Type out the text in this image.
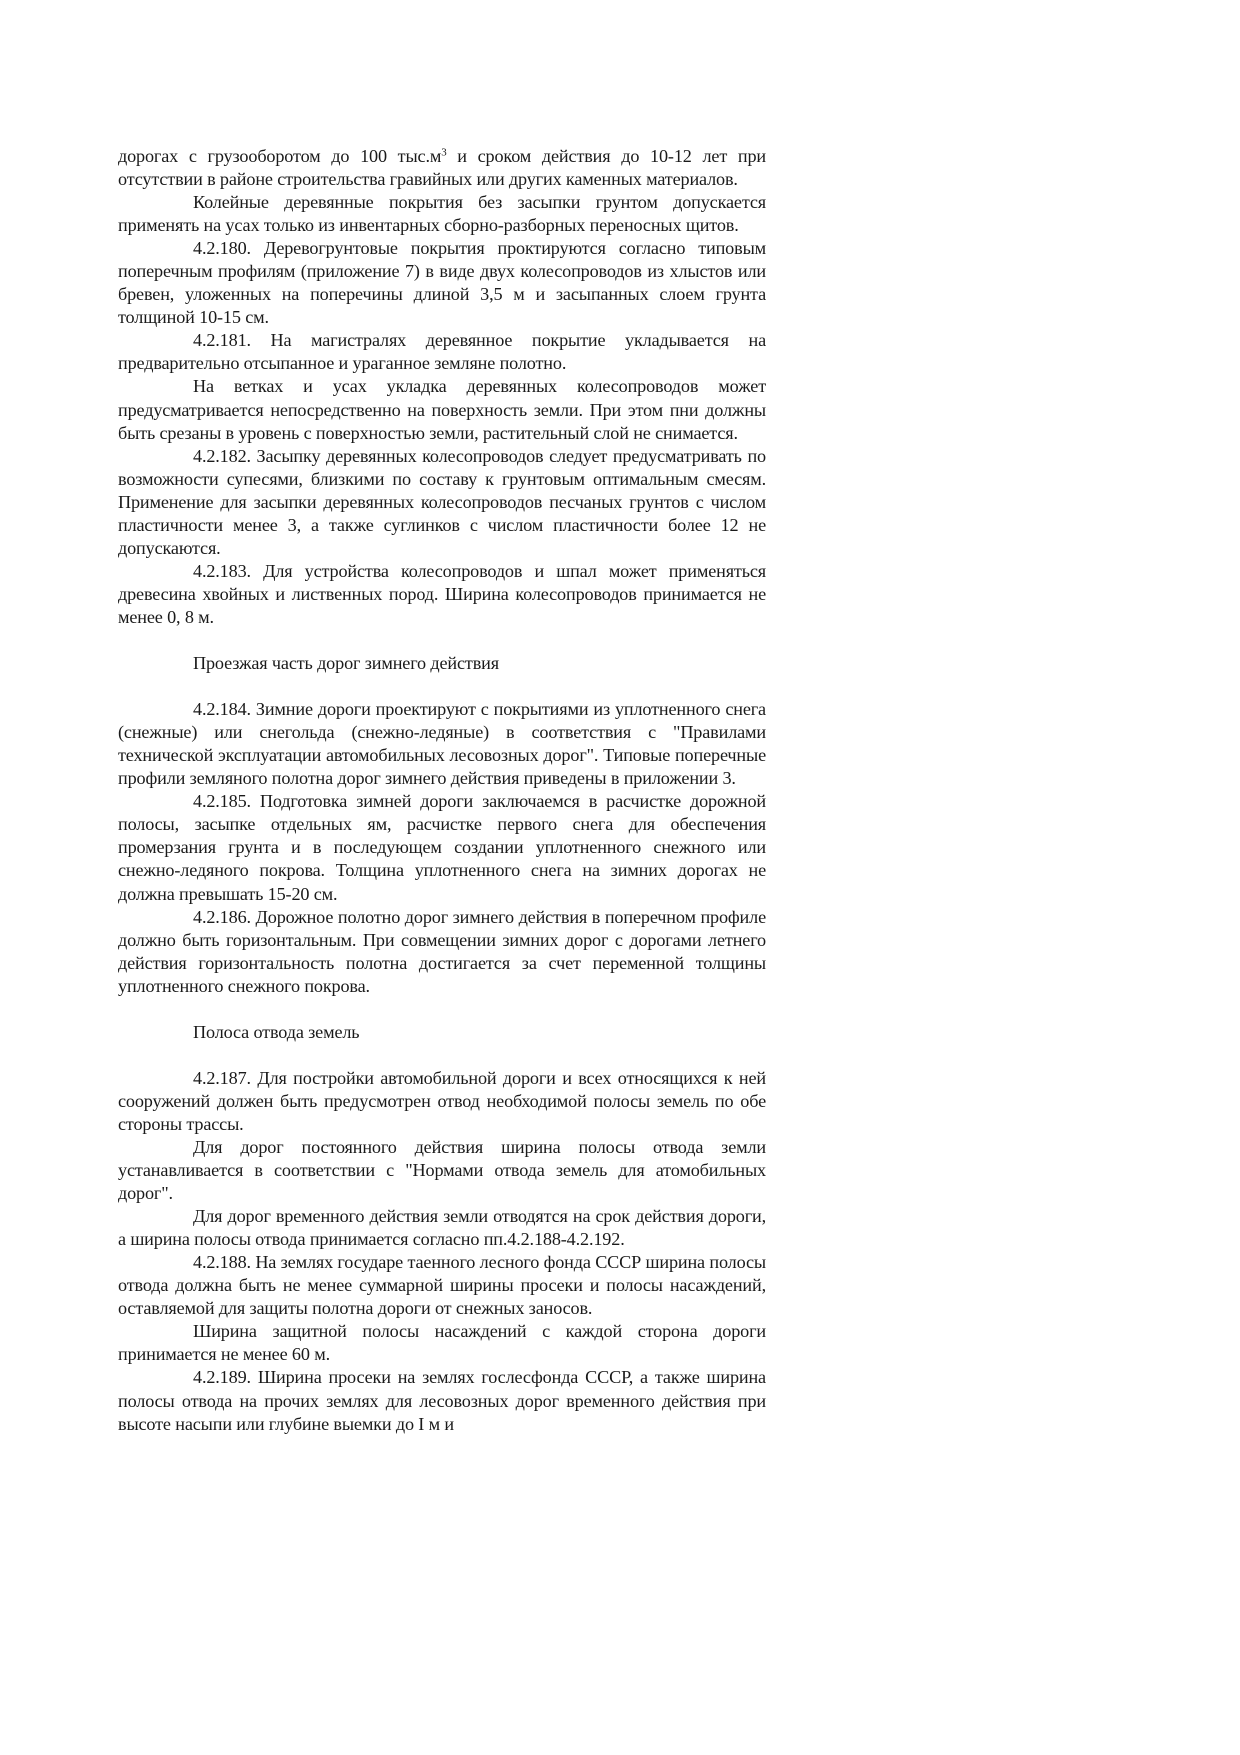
дорогах с грузооборотом до 100 $тыс.м^3$ и сроком действия до 10-12 лет при отсутствии в районе строительства гравийных или других каменных материалов.

Колейные деревянные покрытия без засыпки грунтом допускается применять на усах только из инвентарных сборно-разборных переносных щитов.

4.2.180. Деревогрунтовые покрытия проктируются согласно типовым поперечным профилям (приложение 7) в виде двух колесопроводов из хлыстов или бревен, уложенных на поперечины длиной 3,5 м и засыпанных слоем грунта толщиной 10-15 см.

4.2.181. На магистралях деревянное покрытие укладывается на предварительно отсыпанное и ураганное земляне полотно.

На ветках и усах укладка деревянных колесопроводов может предусматривается непосредственно на поверхность земли. При этом пни должны быть срезаны в уровень с поверхностью земли, растительный слой не снимается.

4.2.182. Засыпку деревянных колесопроводов следует предусматривать по возможности супесями, близкими по составу к грунтовым оптимальным смесям. Применение для засыпки деревянных колесопроводов песчаных грунтов с числом пластичности менее 3, а также суглинков с числом пластичности более 12 не допускаются.

4.2.183. Для устройства колесопроводов и шпал может применяться древесина хвойных и лиственных пород. Ширина колесопроводов принимается не менее 0, 8 м.

Проезжая часть дорог зимнего действия

4.2.184. Зимние дороги проектируют с покрытиями из уплотненного снега (снежные) или снегольда (снежно-ледяные) в соответствия с "Правилами технической эксплуатации автомобильных лесовозных дорог". Типовые поперечные профили земляного полотна дорог зимнего действия приведены в приложении 3.

4.2.185. Подготовка зимней дороги заключаемся в расчистке дорожной полосы, засыпке отдельных ям, расчистке первого снега для обеспечения промерзания грунта и в последующем создании уплотненного снежного или снежно-ледяного покрова. Толщина уплотненного снега на зимних дорогах не должна превышать 15-20 см.

4.2.186. Дорожное полотно дорог зимнего действия в поперечном профиле должно быть горизонтальным. При совмещении зимних дорог с дорогами летнего действия горизонтальность полотна достигается за счет переменной толщины уплотненного снежного покрова.

Полоса отвода земель

4.2.187. Для постройки автомобильной дороги и всех относящихся к ней сооружений должен быть предусмотрен отвод необходимой полосы земель по обе стороны трассы.

Для дорог постоянного действия ширина полосы отвода земли устанавливается в соответствии с "Нормами отвода земель для атомобильных дорог".

Для дорог временного действия земли отводятся на срок действия дороги, а ширина полосы отвода принимается согласно пп.4.2.188-4.2.192.

4.2.188. На землях государе таенного лесного фонда СССР ширина полосы отвода должна быть не менее суммарной ширины просеки и полосы насаждений, оставляемой для защиты полотна дороги от снежных заносов.

Ширина защитной полосы насаждений с каждой сторона дороги принимается не менее 60 м.

4.2.189. Ширина просеки на землях гослесфонда СССР, а также ширина полосы отвода на прочих землях для лесовозных дорог временного действия при высоте насыпи или глубине выемки до I м и
